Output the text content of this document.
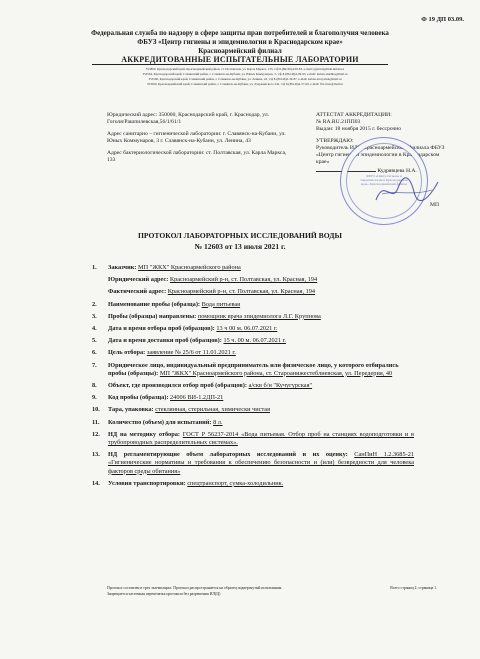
Ф 19 ДП 03.09.
Федеральная служба по надзору в сфере защиты прав потребителей и благополучия человека
ФБУЗ «Центр гигиены и эпидемиологии в Краснодарском крае»
Красноармейский филиал
АККРЕДИТОВАННЫЕ ИСПЫТАТЕЛЬНЫЕ ЛАБОРАТОРИИ
353800, Краснодарский край, Красноармейский район, ст. Полтавская, ул. Карла Маркса, 133, т/ф 8-(86165)4-09-83, e-mail: pglaven@mail.kuban.ru
353564, Краснодарский край, Славянский район, г. Славянск-на-Кубани, ул. Юных Коммунаров, 3, т/ф 8-(86146)4-09-95, e-mail: kuban-sluzhba@mail.ru
353560, Краснодарский край, Славянский район, г. Славянск-на-Кубани, ул. Ленина, 43, т/ф 8-(86146)2-39-87, e-mail: kuban-slavyansk@mail.ru
353560, Красноармейский край, Славянский район, г. Славянск-на-Кубани, ул. Дзержинского 242, т/ф 8-(86146)4-57-60, e-mail: flsr-trust@mail.ru

Юридический адрес: 350000, Краснодарский край, г. Краснодар, ул. Гоголя/Рашпилевская,56/1/61/1

Адрес санитарно – гигиенической лаборатории: г. Славянск-на-Кубани, ул. Юных Коммунаров, 3 г. Славянск-на-Кубани, ул. Ленина, 43

Адрес бактериологической лаборатории: ст. Полтавская, ул. Карла Маркса, 133

АТТЕСТАТ АККРЕДИТАЦИИ:

№ RA.RU.21ПП03

Выдан: 18 ноября 2015 г. бессрочно

УТВЕРЖДАЮ:

Руководитель ИЛЦ Красноармейского филиала ФБУЗ «Центр гигиены и эпидемиологии в Краснодарском крае»

Кудрявцева Н.А.

ФБУЗ «Центр гигиены и эпидемиологии в Краснодарском крае» Красноармейский филиал
МП
ПРОТОКОЛ ЛАБОРАТОРНЫХ ИССЛЕДОВАНИЙ ВОДЫ
№ 12603 от 13 июля 2021 г.
1.	Заказчик: МП "ЖКХ" Красноармейского района
Юридический адрес: Красноармейский р-н, ст. Полтавская, ул. Красная, 194
Фактический адрес: Красноармейский р-н, ст. Полтавская, ул. Красная, 194
2.	Наименование пробы (образца): Вода питьевая
3.	Пробы (образцы) направлены: помощник врача эпидемиолога Л.Г. Крупнова
4.	Дата и время отбора проб (образцов): 13 ч 00 м. 06.07.2021 г.
5.	Дата и время доставки проб (образцов): 15 ч. 00 м. 06.07.2021 г.
6.	Цель отбора: заявление № 25/6 от 11.01.2021 г.
7.	Юридическое лицо, индивидуальный предприниматель или физическое лицо, у которого отбирались пробы (образцы): МП "ЖКХ" Красноармейского района, ст. Староанижестеблиевская, ул. Передерия, 40
8.	Объект, где производился отбор проб (образцов): а/скв б/н "Кучугурская"
9.	Код пробы (образца): 24006 ВИ-1.2ДП-21
10.	Тара, упаковка: стеклянная, стерильная, химически чистая
11.	Количество (объем) для испытаний: 8 л.
12.	НД на методику отбора: ГОСТ Р 56237-2014 «Вода питьевая. Отбор проб на станциях водоподготовки и в трубопроводных распределительных системах».
13.	НД регламентирующие объем лабораторных исследований и их оценку: СанПиН 1.2.3685-21 «Гигиенические нормативы и требования к обеспечению безопасности и (или) безвредности для человека факторов среды обитания»
14.	Условия транспортировки: спецтранспорт, сумка-холодильник.
Протокол составлен в трех экземплярах. Протокол распространяется на образец подвергнутый испытаниям.
Запрещается частичная перепечатка протокола без разрешения ИЛ(Ц)
Всего страниц 2; страница 1.
